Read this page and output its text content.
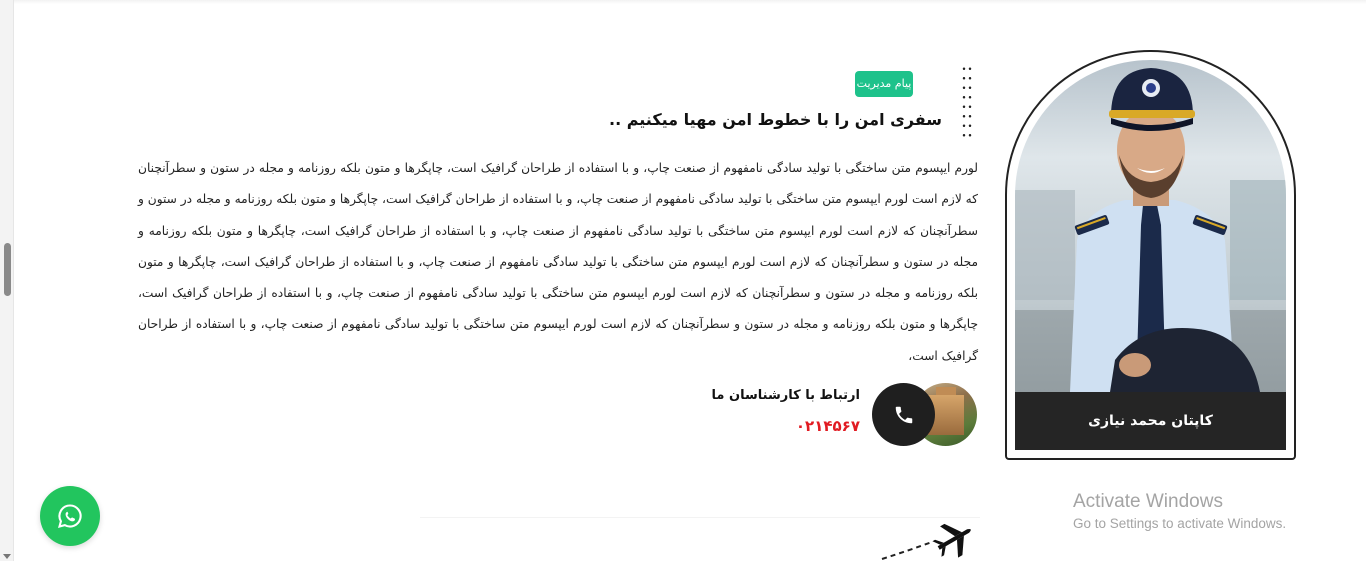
پیام مدیریت
سفری امن را با خطوط امن مهیا میکنیم ..

لورم ایپسوم متن ساختگی با تولید سادگی نامفهوم از صنعت چاپ، و با استفاده از طراحان گرافیک است، چاپگرها و متون بلکه روزنامه و مجله در ستون و سطرآنچنان که لازم است لورم ایپسوم متن ساختگی با تولید سادگی نامفهوم از صنعت چاپ، و با استفاده از طراحان گرافیک است، چاپگرها و متون بلکه روزنامه و مجله در ستون و سطرآنچنان که لازم است لورم ایپسوم متن ساختگی با تولید سادگی نامفهوم از صنعت چاپ، و با استفاده از طراحان گرافیک است، چاپگرها و متون بلکه روزنامه و مجله در ستون و سطرآنچنان که لازم است لورم ایپسوم متن ساختگی با تولید سادگی نامفهوم از صنعت چاپ، و با استفاده از طراحان گرافیک است، چاپگرها و متون بلکه روزنامه و مجله در ستون و سطرآنچنان که لازم است لورم ایپسوم متن ساختگی با تولید سادگی نامفهوم از صنعت چاپ، و با استفاده از طراحان گرافیک است، چاپگرها و متون بلکه روزنامه و مجله در ستون و سطرآنچنان که لازم است لورم ایپسوم متن ساختگی با تولید سادگی نامفهوم از صنعت چاپ، و با استفاده از طراحان گرافیک است،

ارتباط با کارشناسان ما
۰۲۱۴۵۶۷	کاپتان محمد نیازی
Activate Windows
Go to Settings to activate Windows.
